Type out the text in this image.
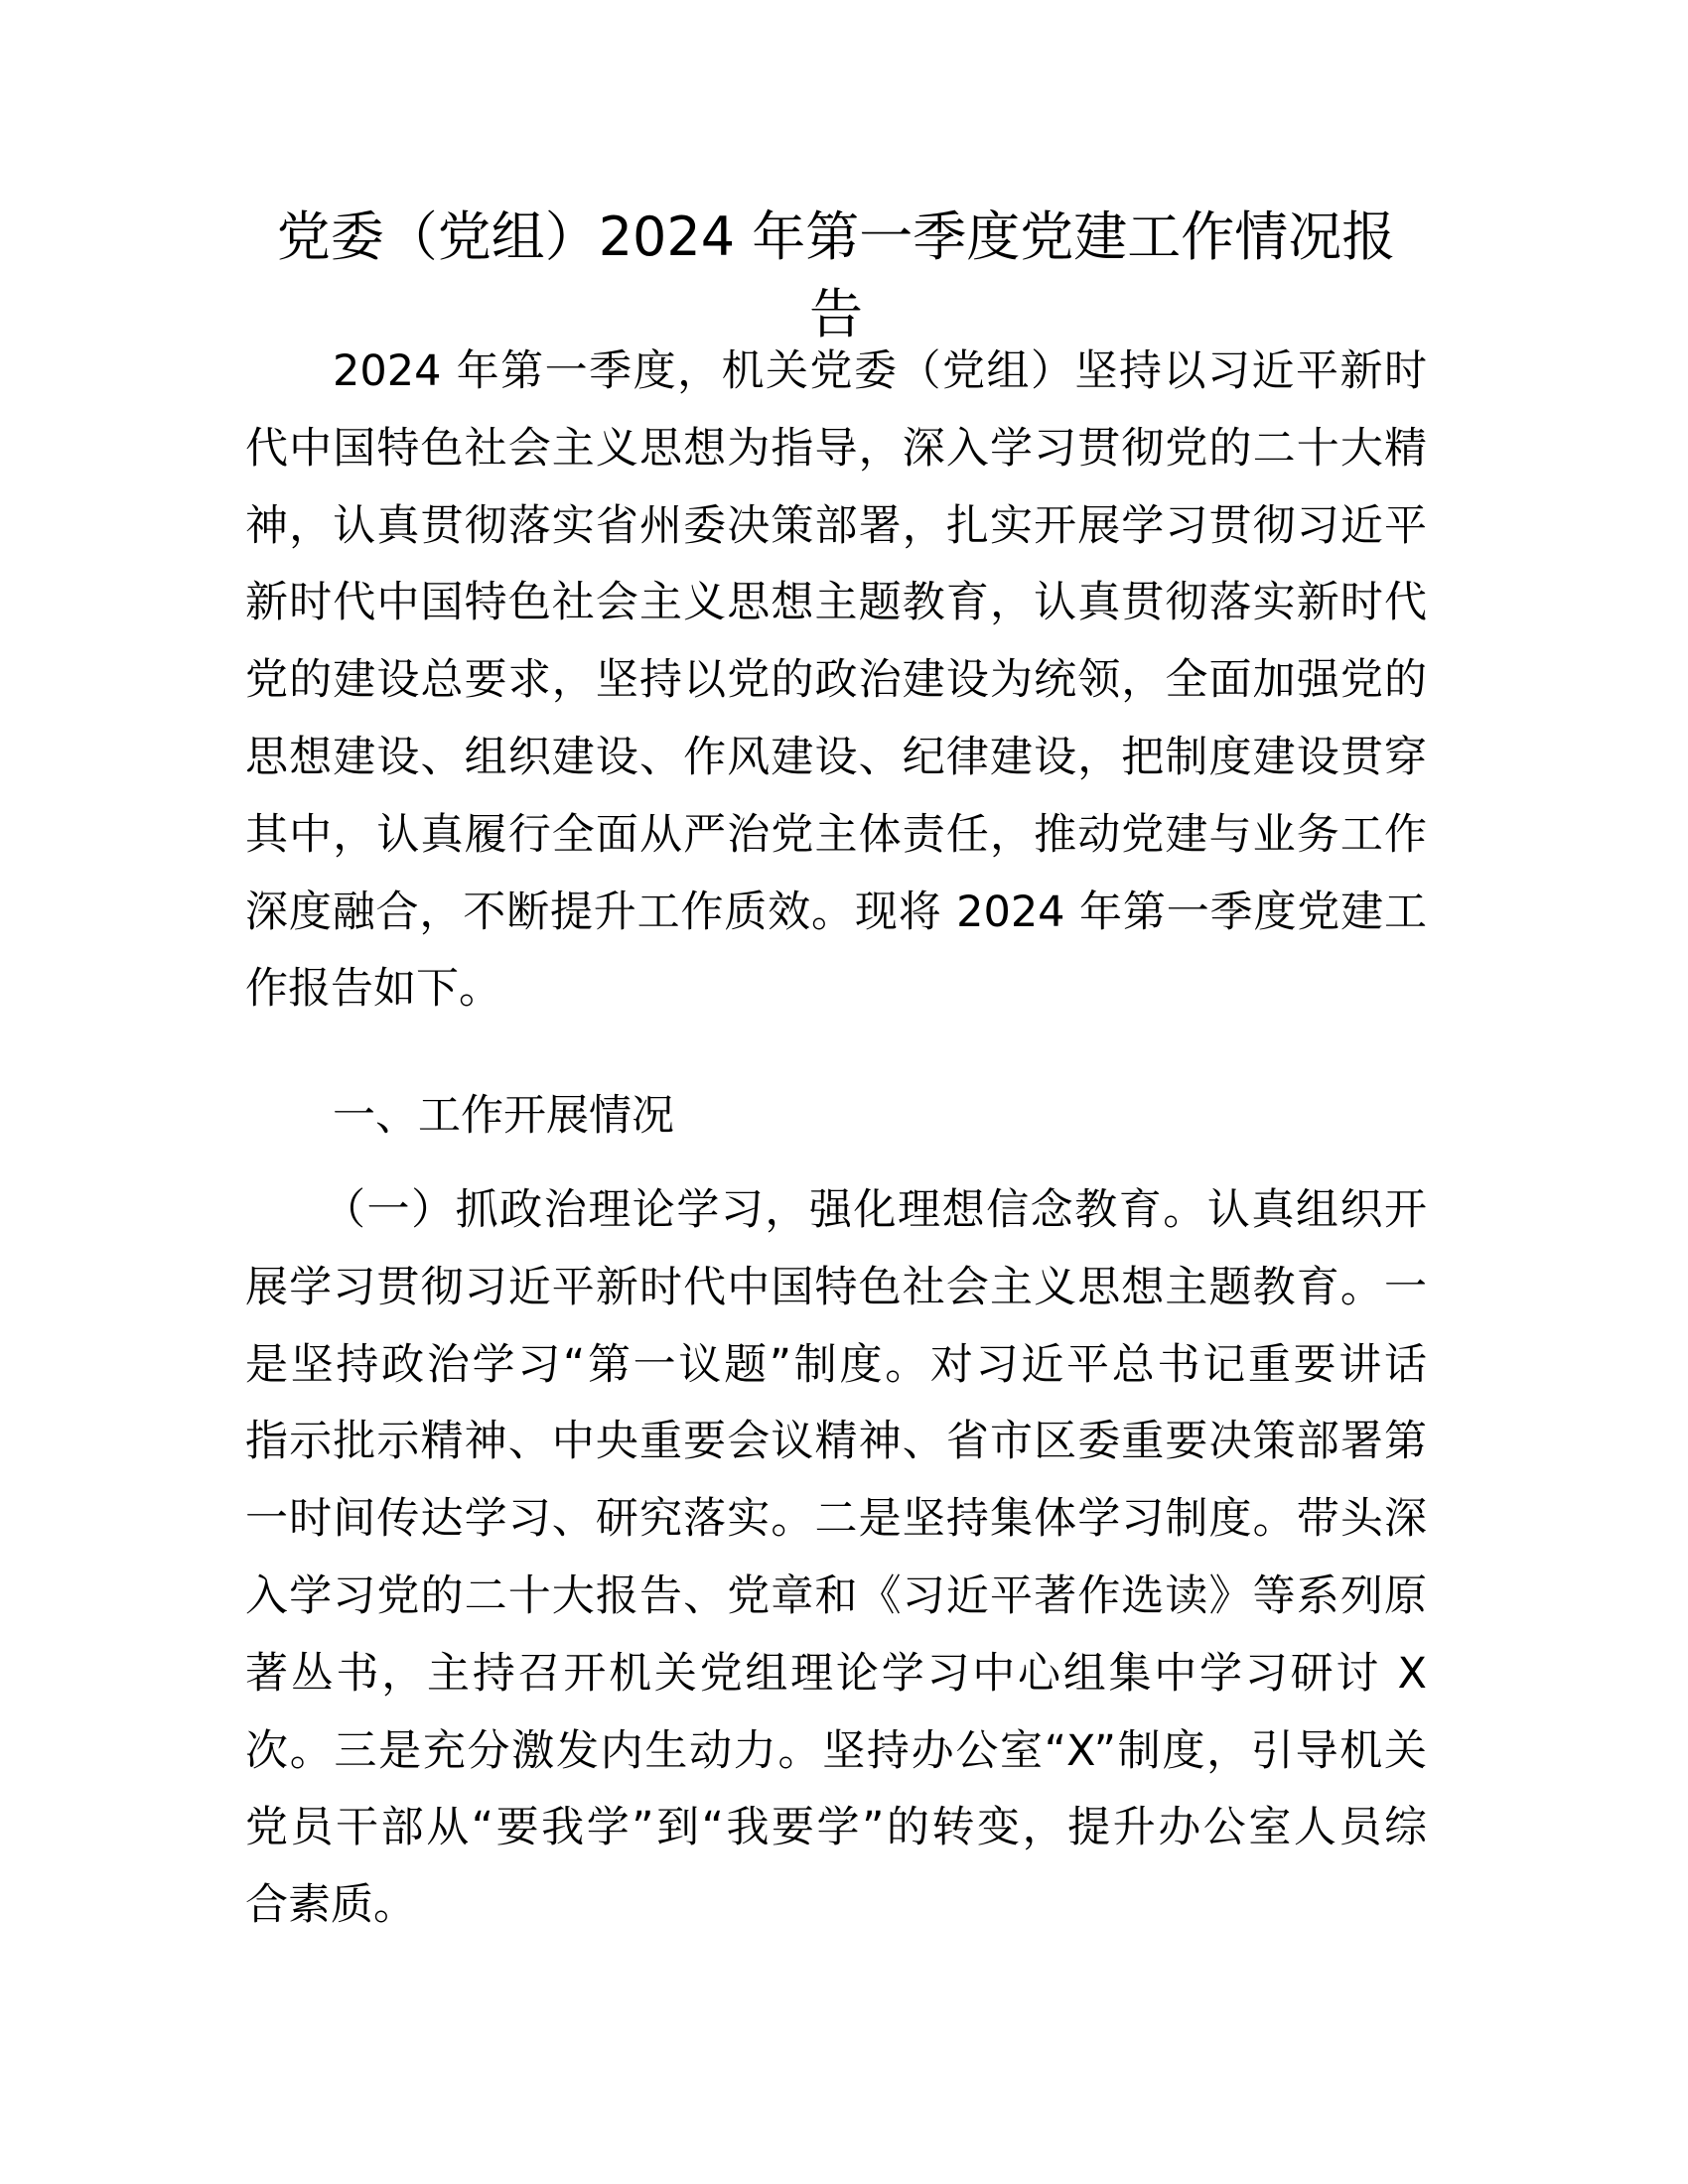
党委（党组）2024 年第一季度党建工作情况报
告
2024 年第一季度，机关党委（党组）坚持以习近平新时
代中国特色社会主义思想为指导，深入学习贯彻党的二十大精
神，认真贯彻落实省州委决策部署，扎实开展学习贯彻习近平
新时代中国特色社会主义思想主题教育，认真贯彻落实新时代
党的建设总要求，坚持以党的政治建设为统领，全面加强党的
思想建设、组织建设、作风建设、纪律建设，把制度建设贯穿
其中，认真履行全面从严治党主体责任，推动党建与业务工作
深度融合，不断提升工作质效。现将 2024 年第一季度党建工
作报告如下。
一、工作开展情况
（一）抓政治理论学习，强化理想信念教育。认真组织开
展学习贯彻习近平新时代中国特色社会主义思想主题教育。一
是坚持政治学习“第一议题”制度。对习近平总书记重要讲话
指示批示精神、中央重要会议精神、省市区委重要决策部署第
一时间传达学习、研究落实。二是坚持集体学习制度。带头深
入学习党的二十大报告、党章和《习近平著作选读》等系列原
著丛书，主持召开机关党组理论学习中心组集中学习研讨 X
次。三是充分激发内生动力。坚持办公室“X”制度，引导机关
党员干部从“要我学”到“我要学”的转变，提升办公室人员综
合素质。
